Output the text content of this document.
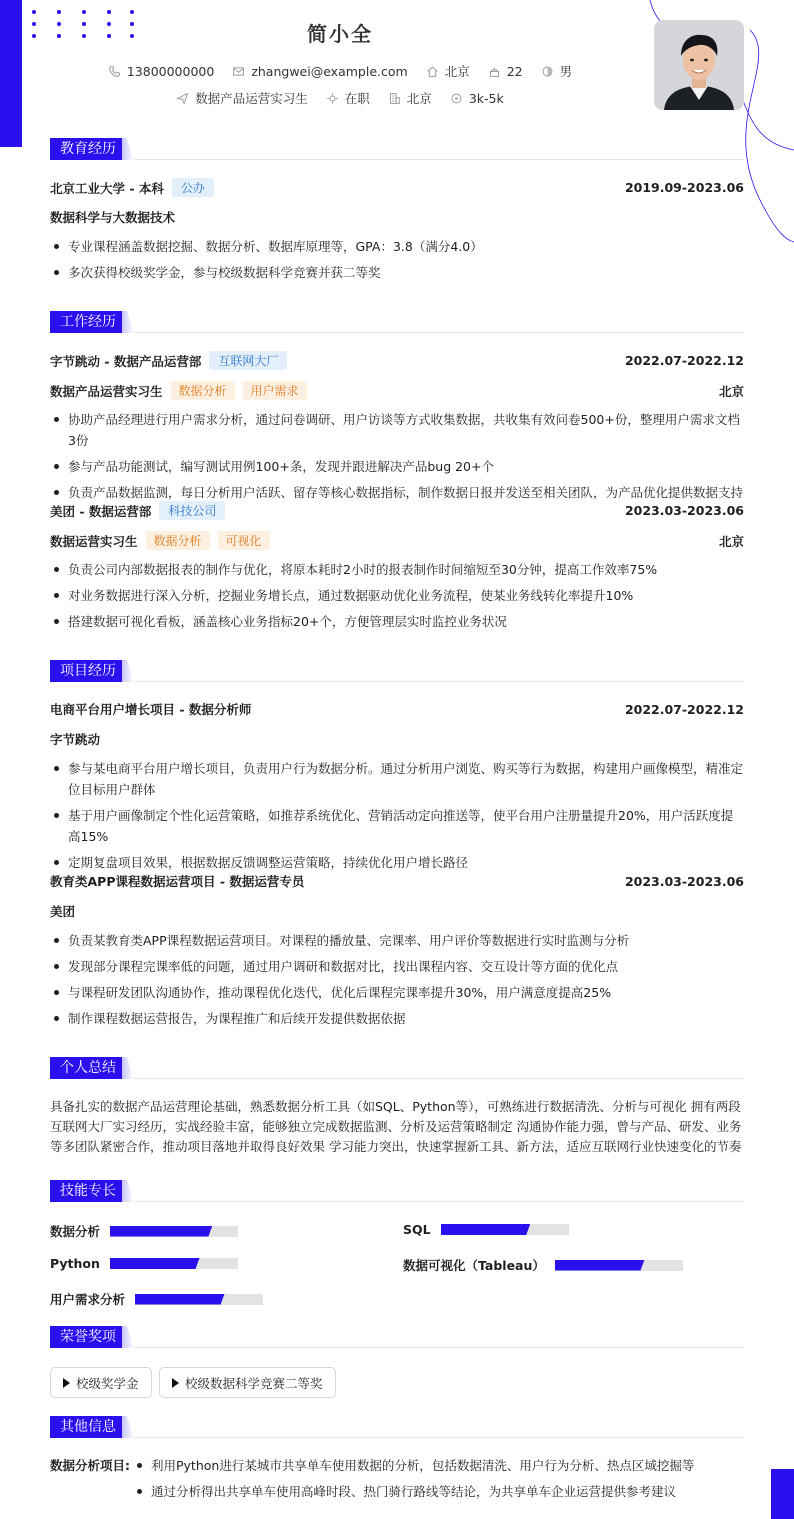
简小全
13800000000	zhangwei@example.com	北京	22	男
数据产品运营实习生	在职	北京	3k-5k
教育经历
北京工业大学 - 本科	公办	2019.09-2023.06
数据科学与大数据技术
专业课程涵盖数据挖掘、数据分析、数据库原理等，GPA：3.8（满分4.0）
多次获得校级奖学金，参与校级数据科学竞赛并获二等奖
工作经历
字节跳动 - 数据产品运营部	互联网大厂	2022.07-2022.12
数据产品运营实习生	数据分析	用户需求	北京
协助产品经理进行用户需求分析，通过问卷调研、用户访谈等方式收集数据，共收集有效问卷500+份，整理用户需求文档3份
参与产品功能测试，编写测试用例100+条，发现并跟进解决产品bug 20+个
负责产品数据监测，每日分析用户活跃、留存等核心数据指标，制作数据日报并发送至相关团队，为产品优化提供数据支持
美团 - 数据运营部	科技公司	2023.03-2023.06
数据运营实习生	数据分析	可视化	北京
负责公司内部数据报表的制作与优化，将原本耗时2小时的报表制作时间缩短至30分钟，提高工作效率75%
对业务数据进行深入分析，挖掘业务增长点，通过数据驱动优化业务流程，使某业务线转化率提升10%
搭建数据可视化看板，涵盖核心业务指标20+个，方便管理层实时监控业务状况
项目经历
电商平台用户增长项目 - 数据分析师	2022.07-2022.12
字节跳动
参与某电商平台用户增长项目，负责用户行为数据分析。通过分析用户浏览、购买等行为数据，构建用户画像模型，精准定位目标用户群体
基于用户画像制定个性化运营策略，如推荐系统优化、营销活动定向推送等，使平台用户注册量提升20%，用户活跃度提高15%
定期复盘项目效果，根据数据反馈调整运营策略，持续优化用户增长路径
教育类APP课程数据运营项目 - 数据运营专员	2023.03-2023.06
美团
负责某教育类APP课程数据运营项目。对课程的播放量、完课率、用户评价等数据进行实时监测与分析
发现部分课程完课率低的问题，通过用户调研和数据对比，找出课程内容、交互设计等方面的优化点
与课程研发团队沟通协作，推动课程优化迭代，优化后课程完课率提升30%，用户满意度提高25%
制作课程数据运营报告，为课程推广和后续开发提供数据依据
个人总结
具备扎实的数据产品运营理论基础，熟悉数据分析工具（如SQL、Python等），可熟练进行数据清洗、分析与可视化 拥有两段互联网大厂实习经历，实战经验丰富，能够独立完成数据监测、分析及运营策略制定 沟通协作能力强，曾与产品、研发、业务等多团队紧密合作，推动项目落地并取得良好效果 学习能力突出，快速掌握新工具、新方法，适应互联网行业快速变化的节奏
技能专长
数据分析	SQL
Python	数据可视化（Tableau）
用户需求分析
荣誉奖项
校级奖学金	校级数据科学竞赛二等奖
其他信息
数据分析项目:	利用Python进行某城市共享单车使用数据的分析，包括数据清洗、用户行为分析、热点区域挖掘等
通过分析得出共享单车使用高峰时段、热门骑行路线等结论，为共享单车企业运营提供参考建议
